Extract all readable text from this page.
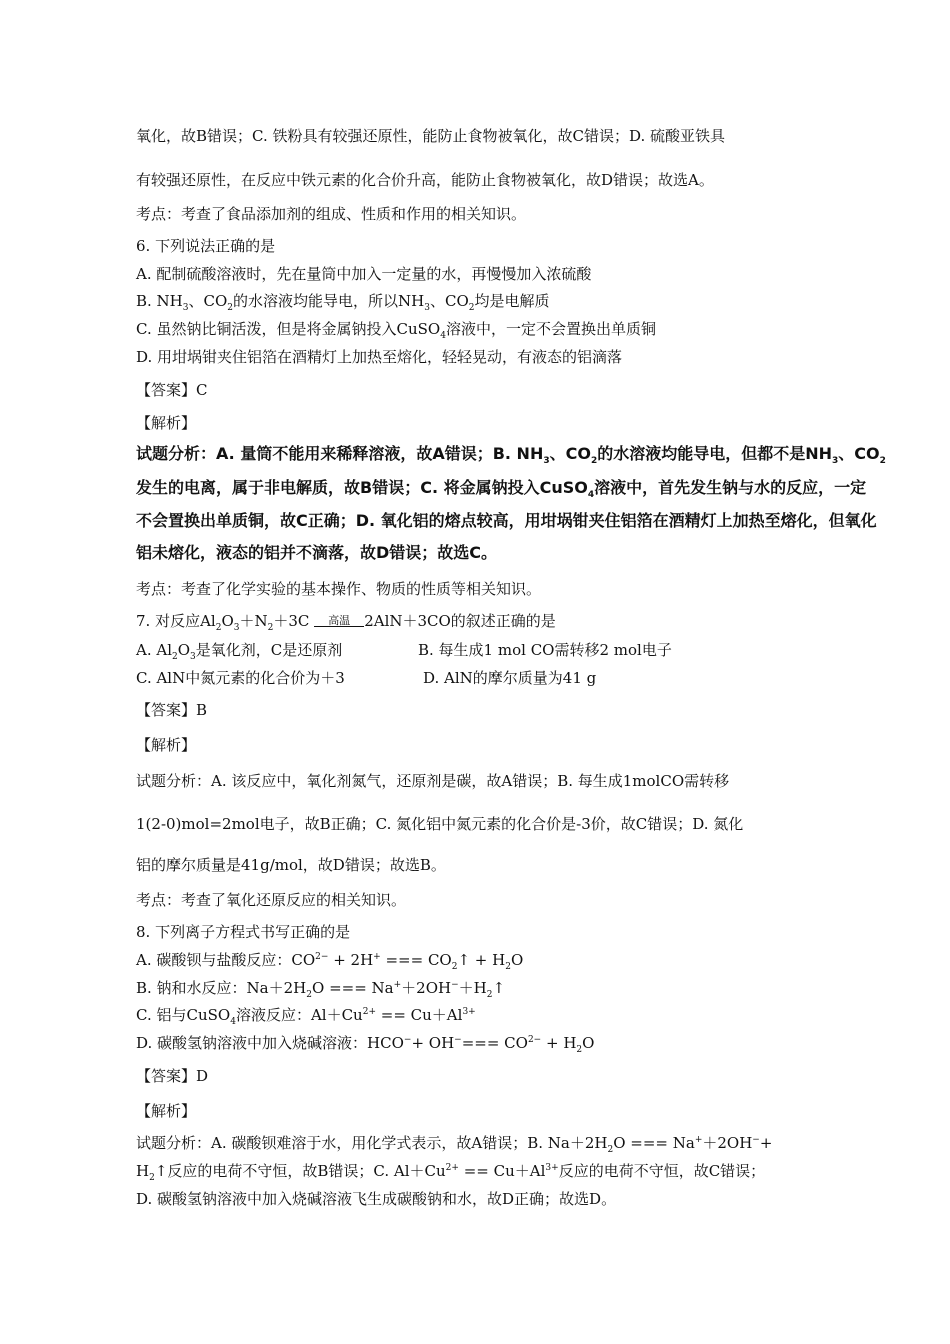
氧化，故B错误；C. 铁粉具有较强还原性，能防止食物被氧化，故C错误；D. 硫酸亚铁具
有较强还原性，在反应中铁元素的化合价升高，能防止食物被氧化，故D错误；故选A。
考点：考查了食品添加剂的组成、性质和作用的相关知识。
6. 下列说法正确的是
A. 配制硫酸溶液时，先在量筒中加入一定量的水，再慢慢加入浓硫酸
B. $NH_3$、$CO_2$的水溶液均能导电，所以$NH_3$、$CO_2$均是电解质
C. 虽然钠比铜活泼，但是将金属钠投入CuSO$_4$溶液中，一定不会置换出单质铜
D. 用坩埚钳夹住铝箔在酒精灯上加热至熔化，轻轻晃动，有液态的铝滴落
【答案】C
【解析】
试题分析：A. 量筒不能用来稀释溶液，故A错误；B. $NH_3$、$CO_2$的水溶液均能导电，但都不是$NH_3$、$CO_2$
发生的电离，属于非电解质，故B错误；C. 将金属钠投入CuSO$_4$溶液中，首先发生钠与水的反应，一定
不会置换出单质铜，故C正确；D. 氧化铝的熔点较高，用坩埚钳夹住铝箔在酒精灯上加热至熔化，但氧化
铝未熔化，液态的铝并不滴落，故D错误；故选C。
考点：考查了化学实验的基本操作、物质的性质等相关知识。
7. 对反应$Al_2O_3+N_2+3C$ 高温 2AlN＋3CO的叙述正确的是
A. $Al_2O_3$是氧化剂，C是还原剂	B. 每生成1 mol CO需转移2 mol电子
C. AlN中氮元素的化合价为＋3	D. AlN的摩尔质量为41 g
【答案】B
【解析】
试题分析：A. 该反应中，氧化剂氮气，还原剂是碳，故A错误；B. 每生成1molCO需转移
1(2-0)mol=2mol电子，故B正确；C. 氮化铝中氮元素的化合价是-3价，故C错误；D. 氮化
铝的摩尔质量是41g/mol，故D错误；故选B。
考点：考查了氧化还原反应的相关知识。
8. 下列离子方程式书写正确的是
A. 碳酸钡与盐酸反应：$CO^{2-} + 2H^+$ === $CO_2↑ + H_2O$
B. 钠和水反应：$Na+2H_2O$ === $Na^++2OH^-+H_2↑$
C. 铝与CuSO$_4$溶液反应：$Al+Cu^{2+} == Cu+Al^{3+}$
D. 碳酸氢钠溶液中加入烧碱溶液：$HCO^-+ OH^-=== CO^{2-} + H_2O$
【答案】D
【解析】
试题分析：A. 碳酸钡难溶于水，用化学式表示，故A错误；B. $Na+2H_2O$ === Na+＋2OH−+
$H_2↑$反应的电荷不守恒，故B错误；C. $Al+Cu^{2+} == Cu+Al^{3+}$反应的电荷不守恒，故C错误；
D. 碳酸氢钠溶液中加入烧碱溶液飞生成碳酸钠和水，故D正确；故选D。
